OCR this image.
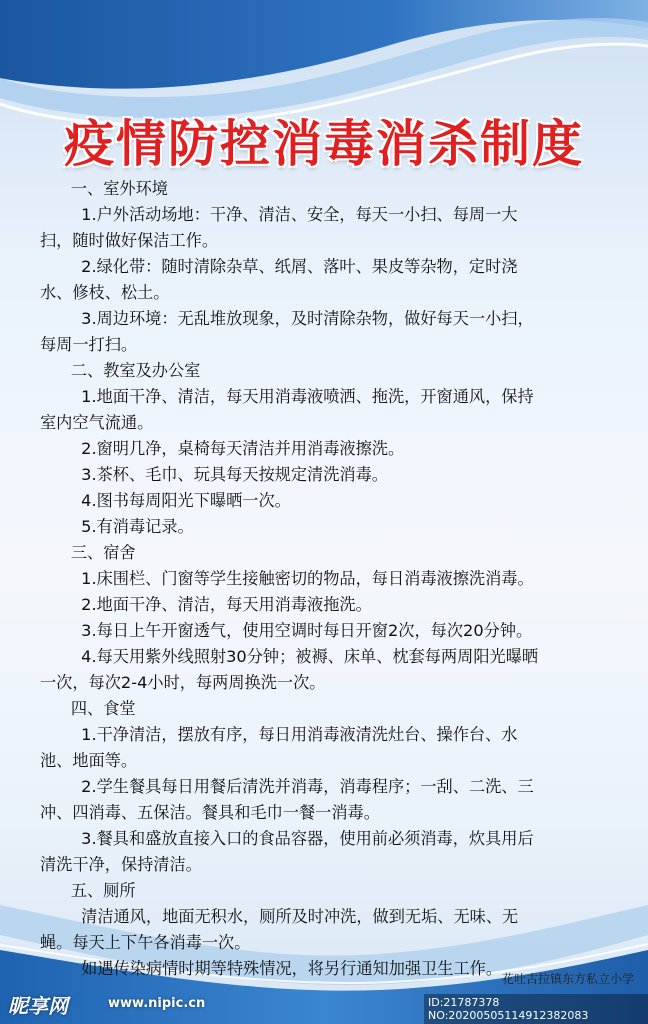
疫情防控消毒消杀制度

一、室外环境

1.户外活动场地：干净、清洁、安全，每天一小扫、每周一大

扫，随时做好保洁工作。

2.绿化带：随时清除杂草、纸屑、落叶、果皮等杂物，定时浇

水、修枝、松土。

3.周边环境：无乱堆放现象，及时清除杂物，做好每天一小扫，

每周一打扫。

二、教室及办公室

1.地面干净、清洁，每天用消毒液喷洒、拖洗，开窗通风，保持

室内空气流通。

2.窗明几净，桌椅每天清洁并用消毒液擦洗。

3.茶杯、毛巾、玩具每天按规定清洗消毒。

4.图书每周阳光下曝晒一次。

5.有消毒记录。

三、宿舍

1.床围栏、门窗等学生接触密切的物品，每日消毒液擦洗消毒。

2.地面干净、清洁，每天用消毒液拖洗。

3.每日上午开窗透气，使用空调时每日开窗2次，每次20分钟。

4.每天用紫外线照射30分钟；被褥、床单、枕套每两周阳光曝晒

一次，每次2-4小时，每两周换洗一次。

四、食堂

1.干净清洁，摆放有序，每日用消毒液清洗灶台、操作台、水

池、地面等。

2.学生餐具每日用餐后清洗并消毒，消毒程序；一刮、二洗、三

冲、四消毒、五保洁。餐具和毛巾一餐一消毒。

3.餐具和盛放直接入口的食品容器，使用前必须消毒，炊具用后

清洗干净，保持清洁。

五、厕所

清洁通风，地面无积水，厕所及时冲洗，做到无垢、无味、无

蝇。每天上下午各消毒一次。

如遇传染病情时期等特殊情况，将另行通知加强卫生工作。

花吐古拉镇东方私立小学
昵享网	www.nipic.cn	ID:21787378 NO:20200505114912382083
